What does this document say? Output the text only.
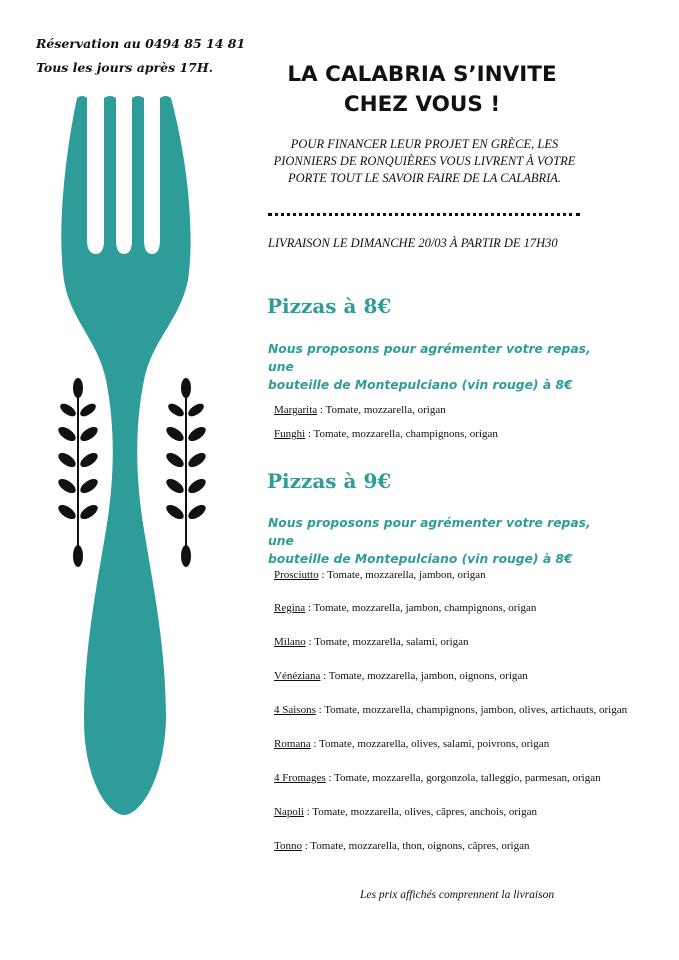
Réservation au 0494 85 14 81
Tous les jours après 17H.	LA CALABRIA S’INVITE
CHEZ VOUS !
POUR FINANCER LEUR PROJET EN GRÈCE, LES PIONNIERS DE RONQUIÈRES VOUS LIVRENT À VOTRE PORTE TOUT LE SAVOIR FAIRE DE LA CALABRIA.
LIVRAISON LE DIMANCHE 20/03 À PARTIR DE 17H30
Pizzas à 8€
Nous proposons pour agrémenter votre repas, une
bouteille de Montepulciano (vin rouge) à 8€
Margarita : Tomate, mozzarella, origan
Funghi : Tomate, mozzarella, champignons, origan
Pizzas à 9€
Nous proposons pour agrémenter votre repas, une
bouteille de Montepulciano (vin rouge) à 8€
Prosciutto : Tomate, mozzarella, jambon, origan
Regina : Tomate, mozzarella, jambon, champignons, origan
Milano : Tomate, mozzarella, salami, origan
Vénéziana : Tomate, mozzarella, jambon, oignons, origan
4 Saisons : Tomate, mozzarella, champignons, jambon, olives, artichauts, origan
Romana : Tomate, mozzarella, olives, salami, poivrons, origan
4 Fromages : Tomate, mozzarella, gorgonzola, talleggio, parmesan, origan
Napoli : Tomate, mozzarella, olives, câpres, anchois, origan
Tonno : Tomate, mozzarella, thon, oignons, câpres, origan
Les prix affichés comprennent la livraison
